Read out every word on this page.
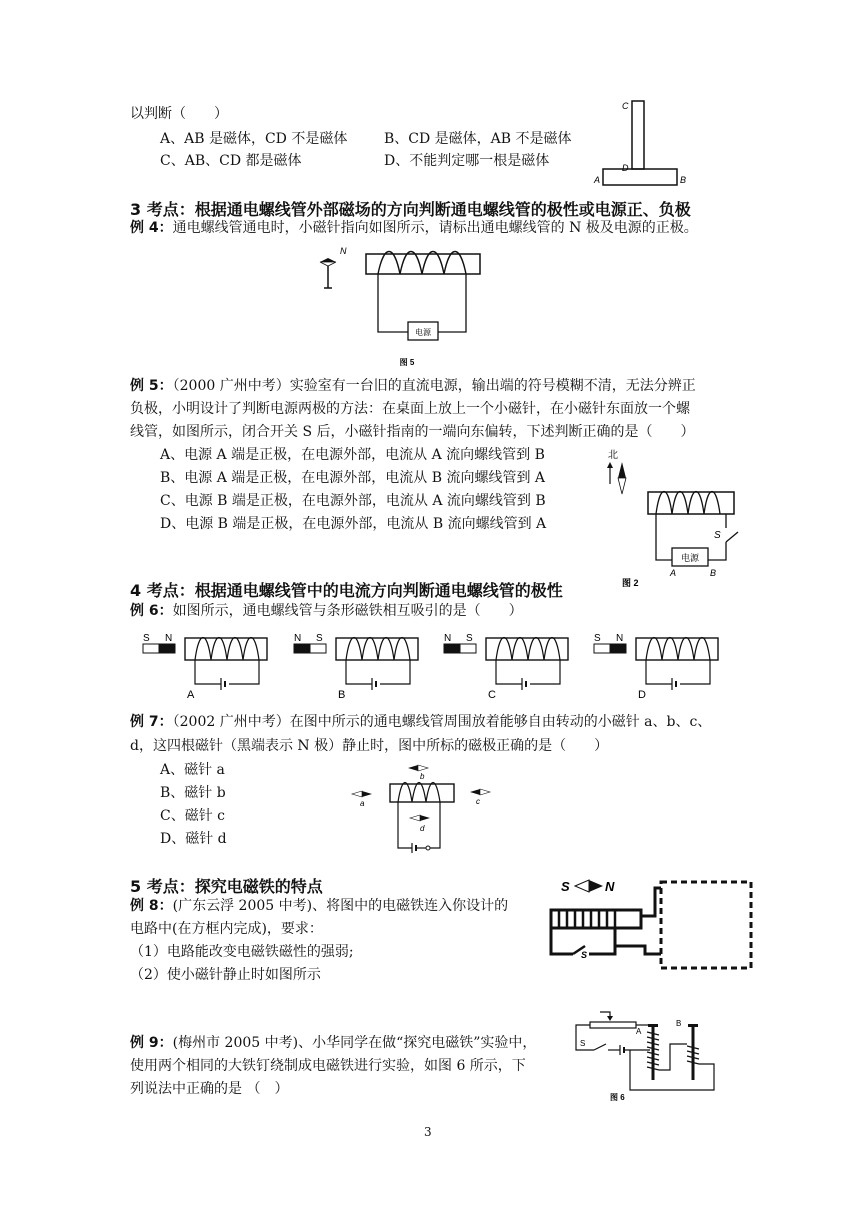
以判断（　　）
A、AB 是磁体，CD 不是磁体	B、CD 是磁体，AB 不是磁体
C、AB、CD 都是磁体	D、不能判定哪一根是磁体
C
D
A	B
3 考点：根据通电螺线管外部磁场的方向判断通电螺线管的极性或电源正、负极
例 4：通电螺线管通电时，小磁针指向如图所示，请标出通电螺线管的 N 极及电源的正极。
N
电源
图 5
例 5：（2000 广州中考）实验室有一台旧的直流电源，输出端的符号模糊不清，无法分辨正
负极，小明设计了判断电源两极的方法：在桌面上放上一个小磁针，在小磁针东面放一个螺
线管，如图所示，闭合开关 S 后，小磁针指南的一端向东偏转，下述判断正确的是（　　）
A、电源 A 端是正极，在电源外部，电流从 A 流向螺线管到 B
B、电源 A 端是正极，在电源外部，电流从 B 流向螺线管到 A
C、电源 B 端是正极，在电源外部，电流从 A 流向螺线管到 B
D、电源 B 端是正极，在电源外部，电流从 B 流向螺线管到 A
北
电源
S
A	B
图 2
4 考点：根据通电螺线管中的电流方向判断通电螺线管的极性
例 6：如图所示，通电螺线管与条形磁铁相互吸引的是（　　）
S N
A
N S
B
N S
C
S N
D
例 7：（2002 广州中考）在图中所示的通电螺线管周围放着能够自由转动的小磁针 a、b、c、
d，这四根磁针（黑端表示 N 极）静止时，图中所标的磁极正确的是（　　）
A、磁针 a
B、磁针 b
C、磁针 c
D、磁针 d
b
a	c
d
5 考点：探究电磁铁的特点
例 8：(广东云浮 2005 中考)、将图中的电磁铁连入你设计的
电路中(在方框内完成)，要求：
（1）电路能改变电磁铁磁性的强弱;
（2）使小磁针静止时如图所示
S	N
S
例 9：(梅州市 2005 中考)、小华同学在做“探究电磁铁”实验中，
使用两个相同的大铁钉绕制成电磁铁进行实验，如图 6 所示，下
列说法中正确的是 （　）
S
A
B
图 6
3
